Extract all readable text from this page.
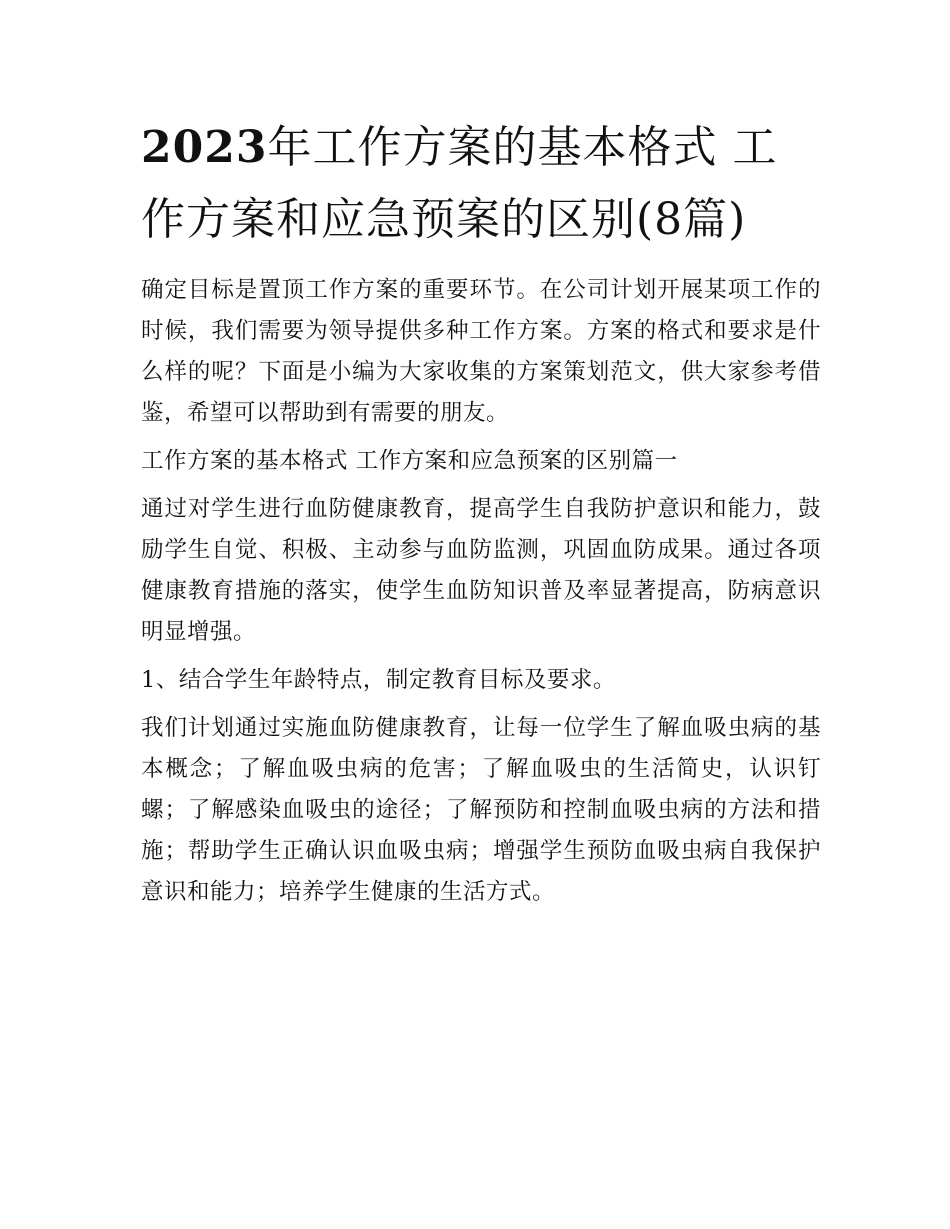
2023年工作方案的基本格式 工作方案和应急预案的区别(8篇)

确定目标是置顶工作方案的重要环节。在公司计划开展某项工作的时候，我们需要为领导提供多种工作方案。方案的格式和要求是什么样的呢？下面是小编为大家收集的方案策划范文，供大家参考借鉴，希望可以帮助到有需要的朋友。

工作方案的基本格式 工作方案和应急预案的区别篇一

通过对学生进行血防健康教育，提高学生自我防护意识和能力，鼓励学生自觉、积极、主动参与血防监测，巩固血防成果。通过各项健康教育措施的落实，使学生血防知识普及率显著提高，防病意识明显增强。

1、结合学生年龄特点，制定教育目标及要求。

我们计划通过实施血防健康教育，让每一位学生了解血吸虫病的基本概念；了解血吸虫病的危害；了解血吸虫的生活简史，认识钉螺；了解感染血吸虫的途径；了解预防和控制血吸虫病的方法和措施；帮助学生正确认识血吸虫病；增强学生预防血吸虫病自我保护意识和能力；培养学生健康的生活方式。
